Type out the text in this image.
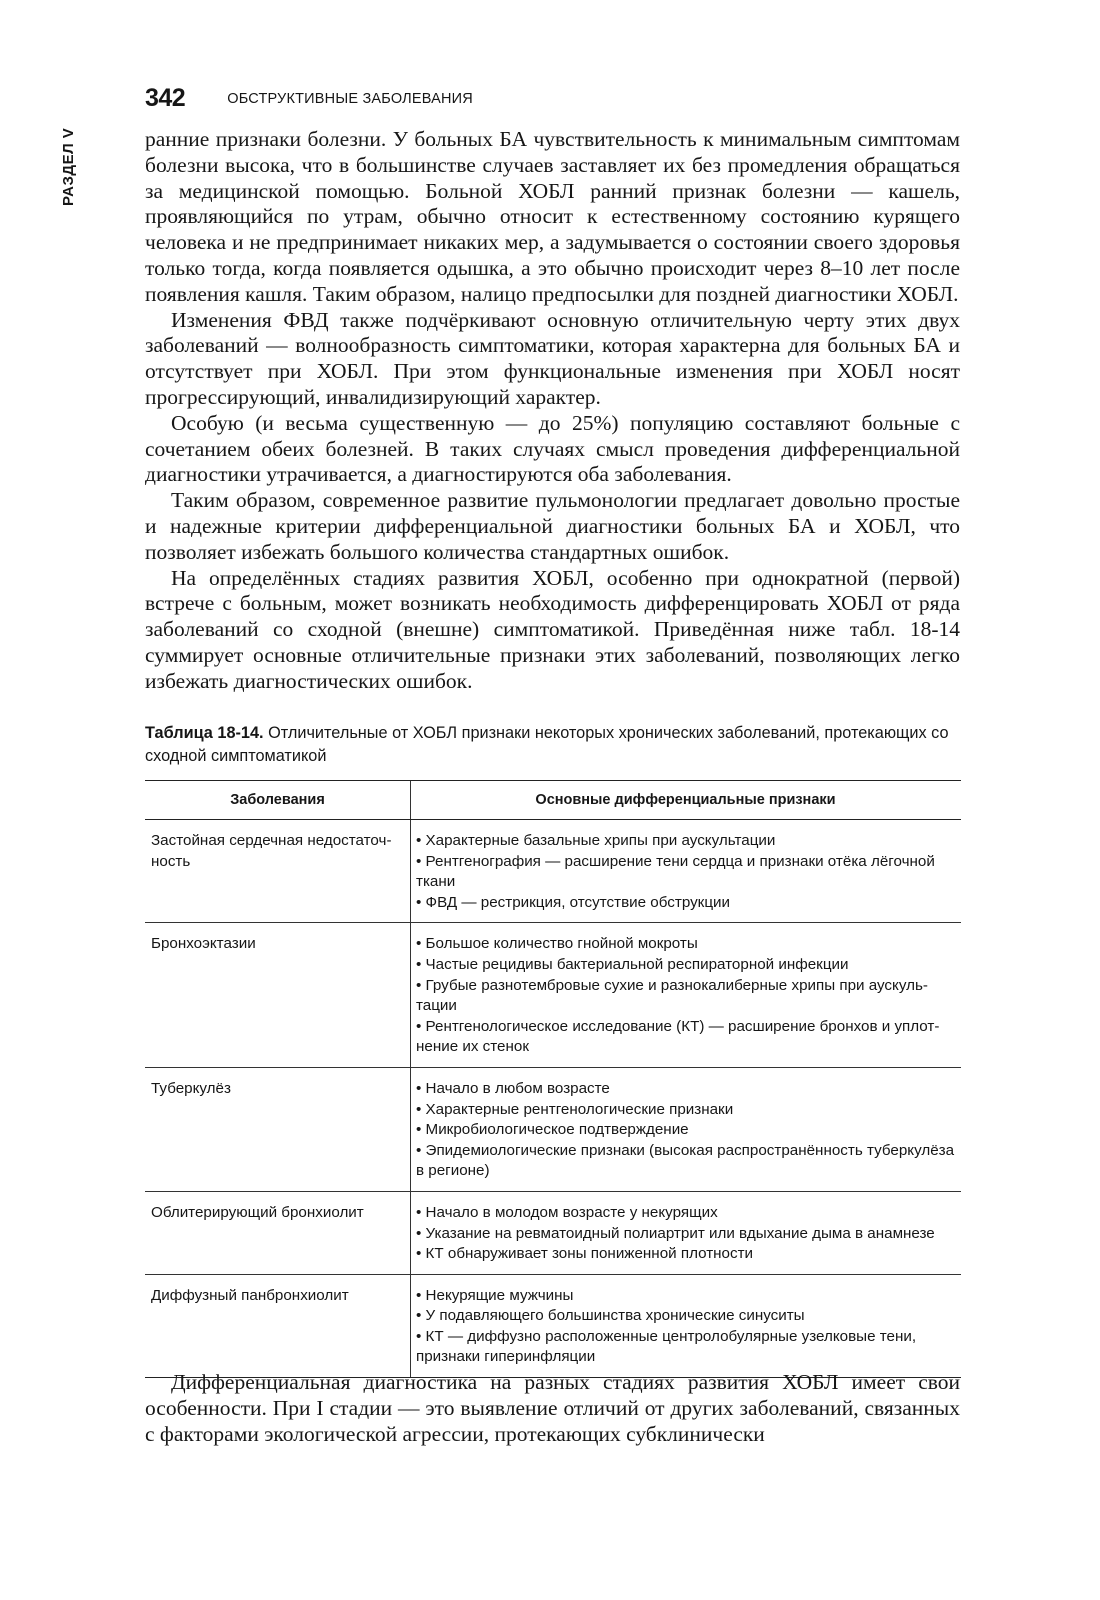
РАЗДЕЛ V
342	ОБСТРУКТИВНЫЕ ЗАБОЛЕВАНИЯ

ранние признаки болезни. У больных БА чувствительность к минимальным симптомам болезни высока, что в большинстве случаев заставляет их без промедления обращаться за медицинской помощью. Больной ХОБЛ ранний признак болезни — кашель, проявляющийся по утрам, обычно относит к естественному состоянию курящего человека и не предпринимает никаких мер, а задумывается о состоянии своего здоровья только тогда, когда появляется одышка, а это обычно происходит через 8–10 лет после появления кашля. Таким образом, налицо предпосылки для поздней диагностики ХОБЛ.

Изменения ФВД также подчёркивают основную отличительную черту этих двух заболеваний — волнообразность симптоматики, которая характерна для больных БА и отсутствует при ХОБЛ. При этом функциональные изменения при ХОБЛ носят прогрессирующий, инвалидизирующий характер.

Особую (и весьма существенную — до 25%) популяцию составляют больные с сочетанием обеих болезней. В таких случаях смысл проведения дифференциальной диагностики утрачивается, а диагностируются оба заболевания.

Таким образом, современное развитие пульмонологии предлагает довольно простые и надежные критерии дифференциальной диагностики больных БА и ХОБЛ, что позволяет избежать большого количества стандартных ошибок.

На определённых стадиях развития ХОБЛ, особенно при однократной (первой) встрече с больным, может возникать необходимость дифференцировать ХОБЛ от ряда заболеваний со сходной (внешне) симптоматикой. Приведённая ниже табл. 18-14 суммирует основные отличительные признаки этих заболеваний, позволяющих легко избежать диагностических ошибок.

Таблица 18-14. Отличительные от ХОБЛ признаки некоторых хронических заболеваний, протекающих со сходной симптоматикой
Заболевания	Основные дифференциальные признаки
Застойная сердечная недостаточность	• Характерные базальные хрипы при аускультации

• Рентгенография — расширение тени сердца и признаки отёка лёгочной ткани

• ФВД — рестрикция, отсутствие обструкции

Бронхоэктазии	• Большое количество гнойной мокроты

• Частые рецидивы бактериальной респираторной инфекции

• Грубые разнотембровые сухие и разнокалиберные хрипы при аускультации

• Рентгенологическое исследование (КТ) — расширение бронхов и уплотнение их стенок

Туберкулёз	• Начало в любом возрасте

• Характерные рентгенологические признаки

• Микробиологическое подтверждение

• Эпидемиологические признаки (высокая распространённость туберкулёза в регионе)

Облитерирующий бронхиолит	• Начало в молодом возрасте у некурящих

• Указание на ревматоидный полиартрит или вдыхание дыма в анамнезе

• КТ обнаруживает зоны пониженной плотности

Диффузный панбронхиолит	• Некурящие мужчины

• У подавляющего большинства хронические синуситы

• КТ — диффузно расположенные центролобулярные узелковые тени, признаки гиперинфляции

Дифференциальная диагностика на разных стадиях развития ХОБЛ имеет свои особенности. При I стадии — это выявление отличий от других заболеваний, связанных с факторами экологической агрессии, протекающих субклинически
